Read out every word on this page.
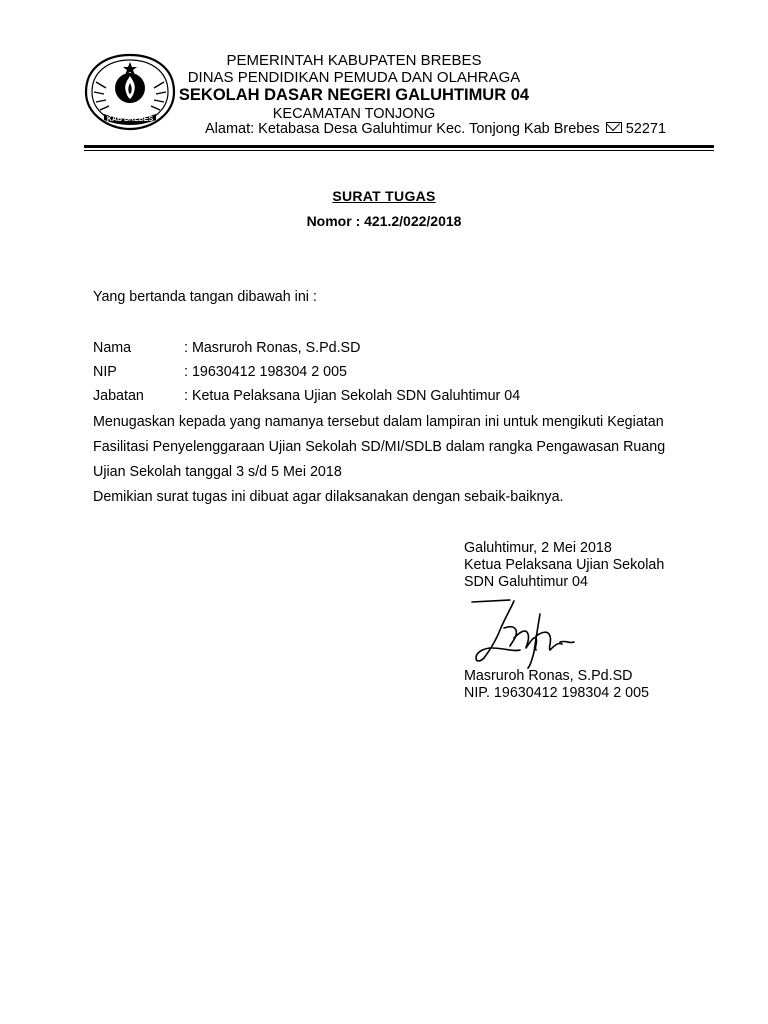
KAB BREBES
PEMERINTAH KABUPATEN BREBES
DINAS PENDIDIKAN PEMUDA DAN OLAHRAGA
SEKOLAH DASAR NEGERI GALUHTIMUR 04
KECAMATAN TONJONG
Alamat: Ketabasa Desa Galuhtimur Kec. Tonjong Kab Brebes 52271
SURAT TUGAS
Nomor : 421.2/022/2018
Yang bertanda tangan dibawah ini :
Nama	: Masruroh Ronas, S.Pd.SD
NIP	: 19630412 198304 2 005
Jabatan	: Ketua Pelaksana Ujian Sekolah SDN Galuhtimur 04
Menugaskan kepada yang namanya tersebut dalam lampiran ini untuk mengikuti Kegiatan
Fasilitasi Penyelenggaraan Ujian Sekolah SD/MI/SDLB dalam rangka Pengawasan Ruang
Ujian Sekolah tanggal 3 s/d 5 Mei 2018
Demikian surat tugas ini dibuat agar dilaksanakan dengan sebaik-baiknya.
Galuhtimur, 2 Mei 2018
Ketua Pelaksana Ujian Sekolah
SDN Galuhtimur 04
Masruroh Ronas, S.Pd.SD
NIP. 19630412 198304 2 005
